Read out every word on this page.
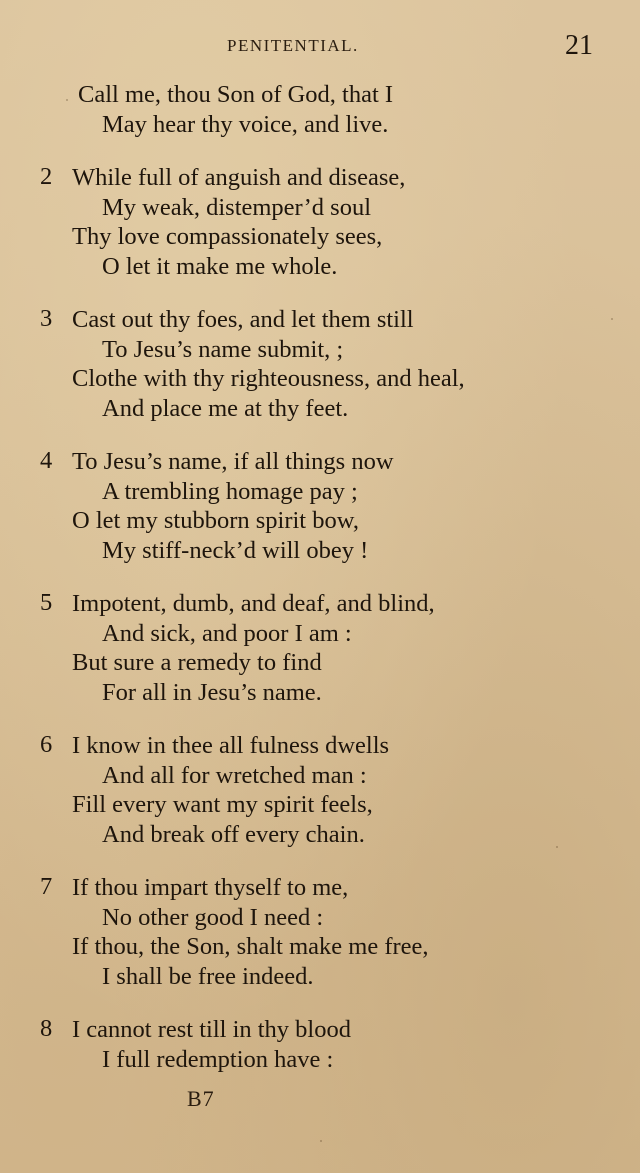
PENITENTIAL.	21
Call me, thou Son of God, that I
May hear thy voice, and live.
2 While full of anguish and disease,
My weak, distemper’d soul
Thy love compassionately sees,
O let it make me whole.
3 Cast out thy foes, and let them still
To Jesu’s name submit, ;
Clothe with thy righteousness, and heal,
And place me at thy feet.
4 To Jesu’s name, if all things now
A trembling homage pay ;
O let my stubborn spirit bow,
My stiff-neck’d will obey !
5 Impotent, dumb, and deaf, and blind,
And sick, and poor I am :
But sure a remedy to find
For all in Jesu’s name.
6 I know in thee all fulness dwells
And all for wretched man :
Fill every want my spirit feels,
And break off every chain.
7 If thou impart thyself to me,
No other good I need :
If thou, the Son, shalt make me free,
I shall be free indeed.
8 I cannot rest till in thy blood
I full redemption have :
B7
